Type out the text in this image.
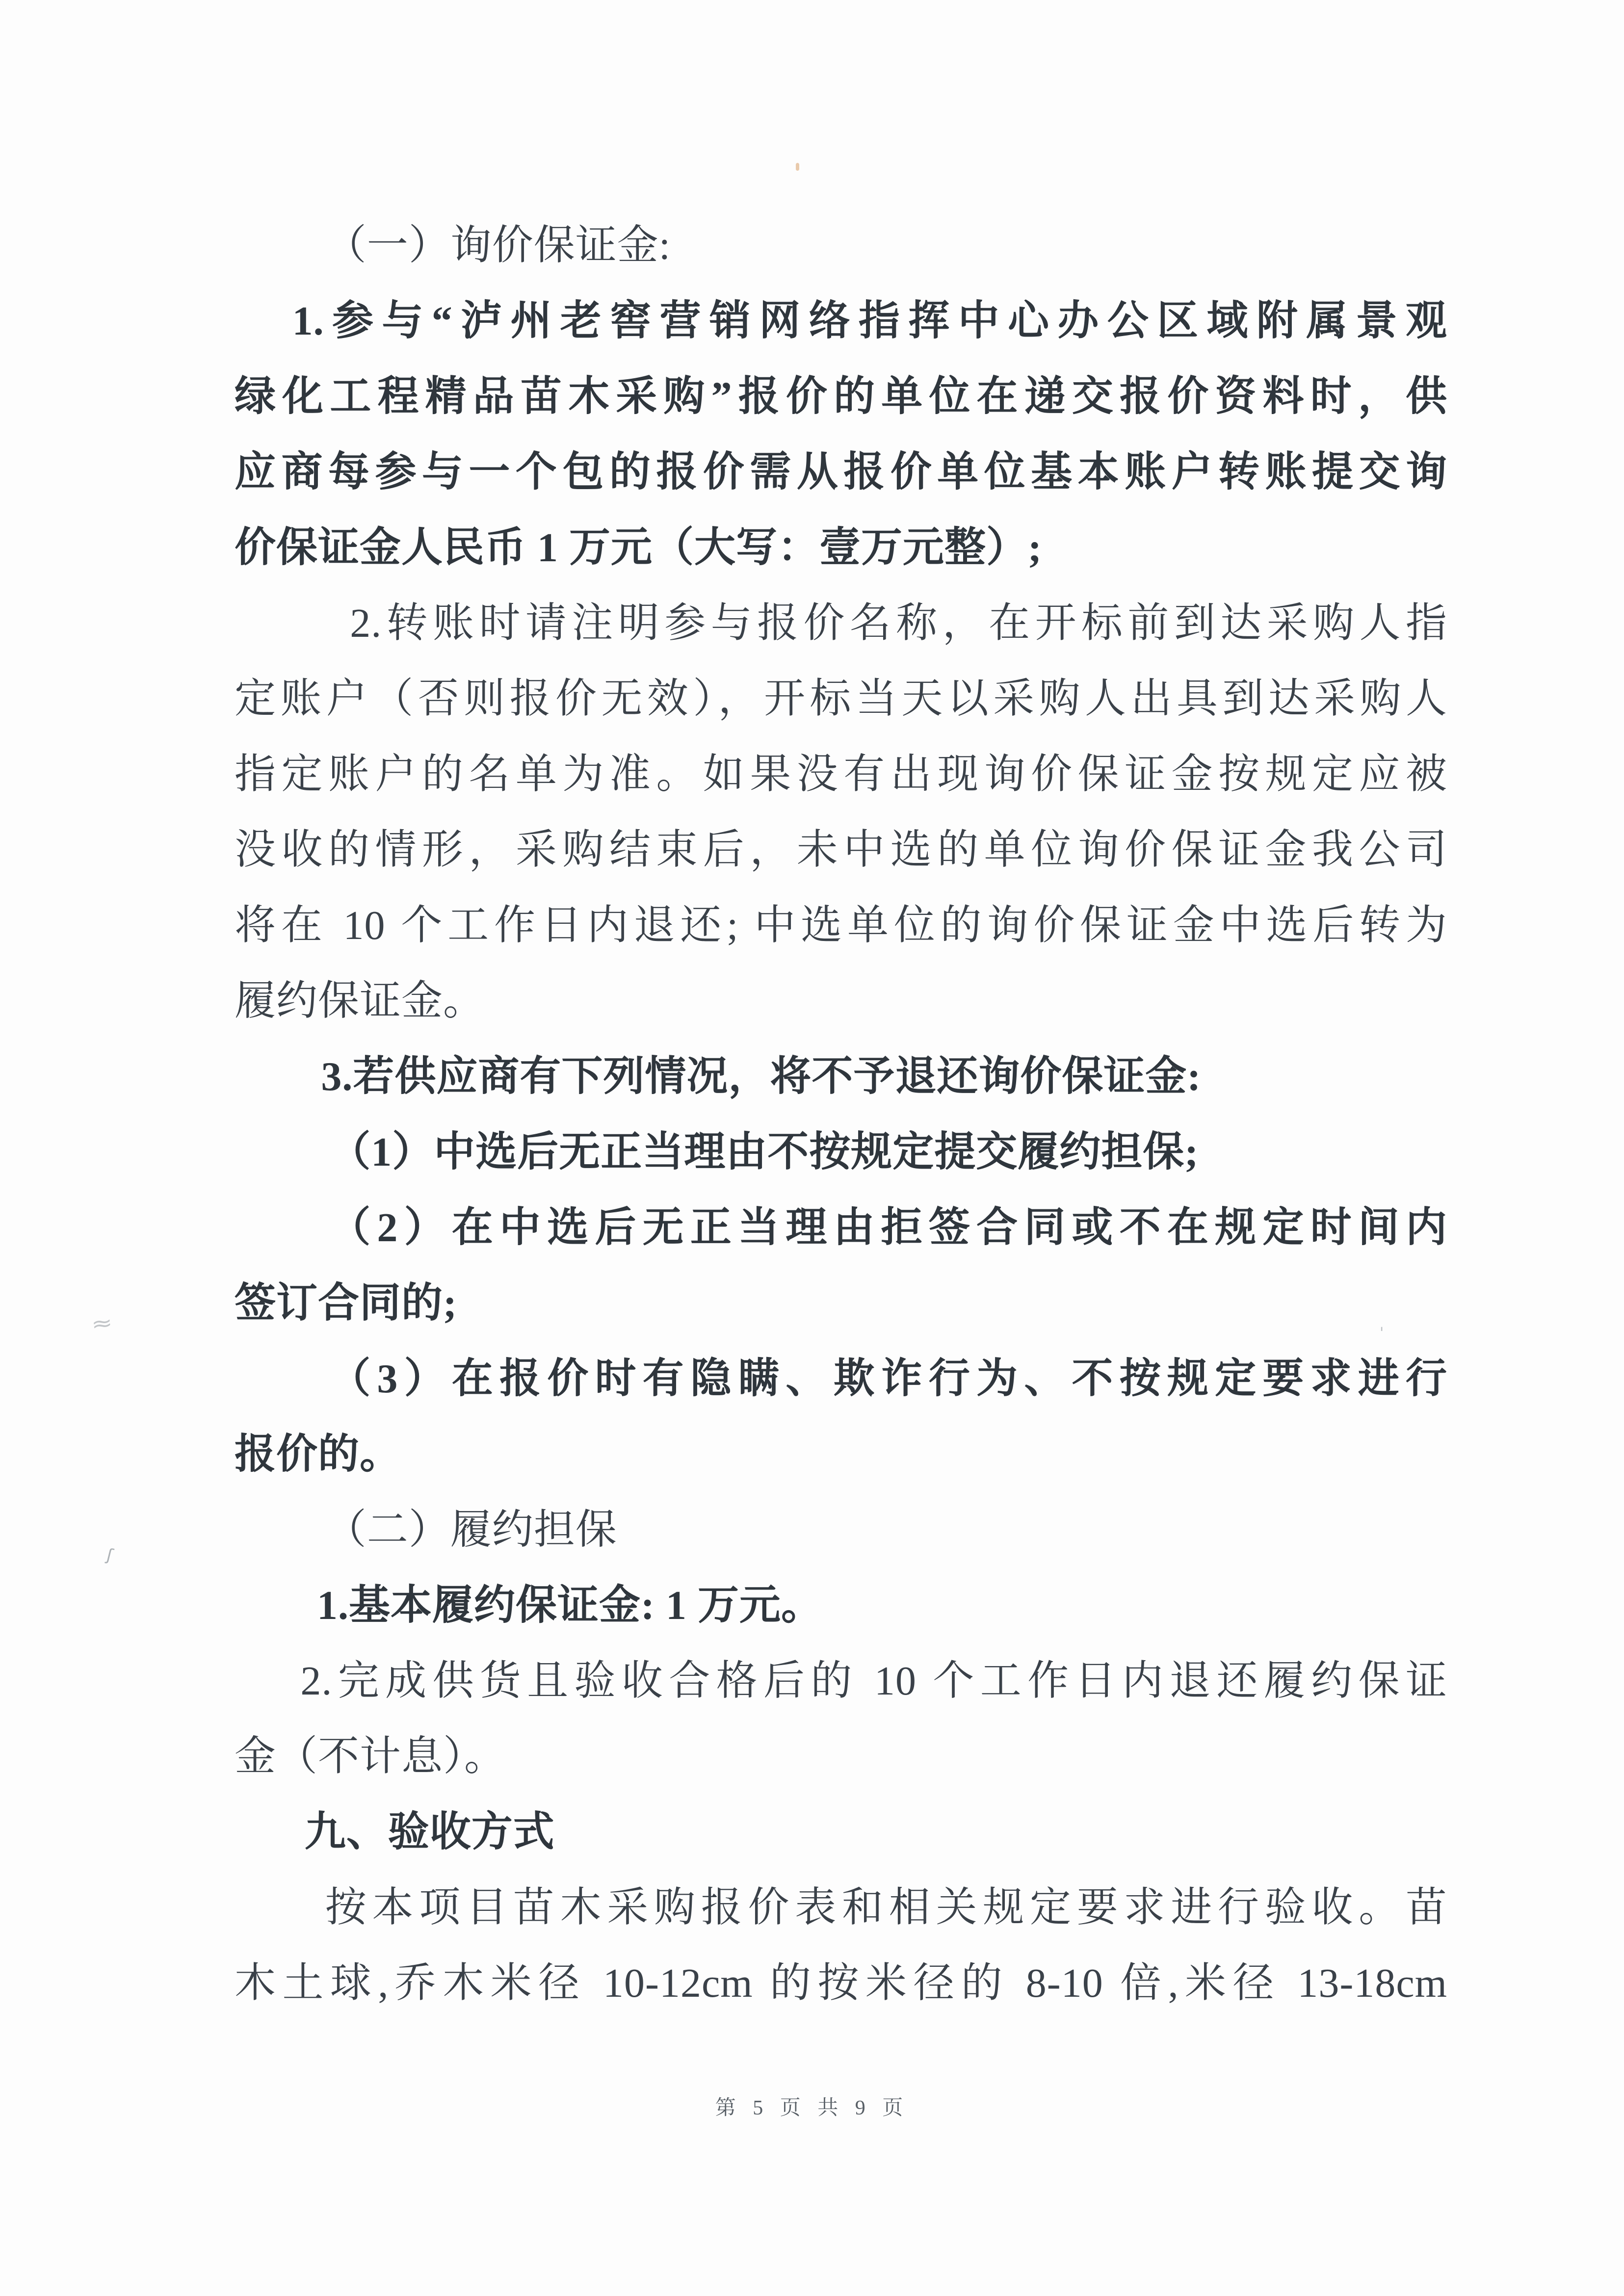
（一）询价保证金:

1.参与“泸州老窖营销网络指挥中心办公区域附属景观

绿化工程精品苗木采购”报价的单位在递交报价资料时，供

应商每参与一个包的报价需从报价单位基本账户转账提交询

价保证金人民币 1 万元（大写：壹万元整）;

2.转账时请注明参与报价名称，在开标前到达采购人指

定账户（否则报价无效），开标当天以采购人出具到达采购人

指定账户的名单为准。如果没有出现询价保证金按规定应被

没收的情形，采购结束后，未中选的单位询价保证金我公司

将在 10 个工作日内退还; 中选单位的询价保证金中选后转为

履约保证金。

3.若供应商有下列情况，将不予退还询价保证金:

（1）中选后无正当理由不按规定提交履约担保;

（2）在中选后无正当理由拒签合同或不在规定时间内

签订合同的;

（3）在报价时有隐瞒、欺诈行为、不按规定要求进行

报价的。

（二）履约担保

1.基本履约保证金: 1 万元。

2.完成供货且验收合格后的 10 个工作日内退还履约保证

金（不计息）。

九、验收方式

按本项目苗木采购报价表和相关规定要求进行验收。苗

木土球,乔木米径 10-12cm 的按米径的 8-10 倍,米径 13-18cm

第 5 页 共 9 页
≈
ʃ
'
